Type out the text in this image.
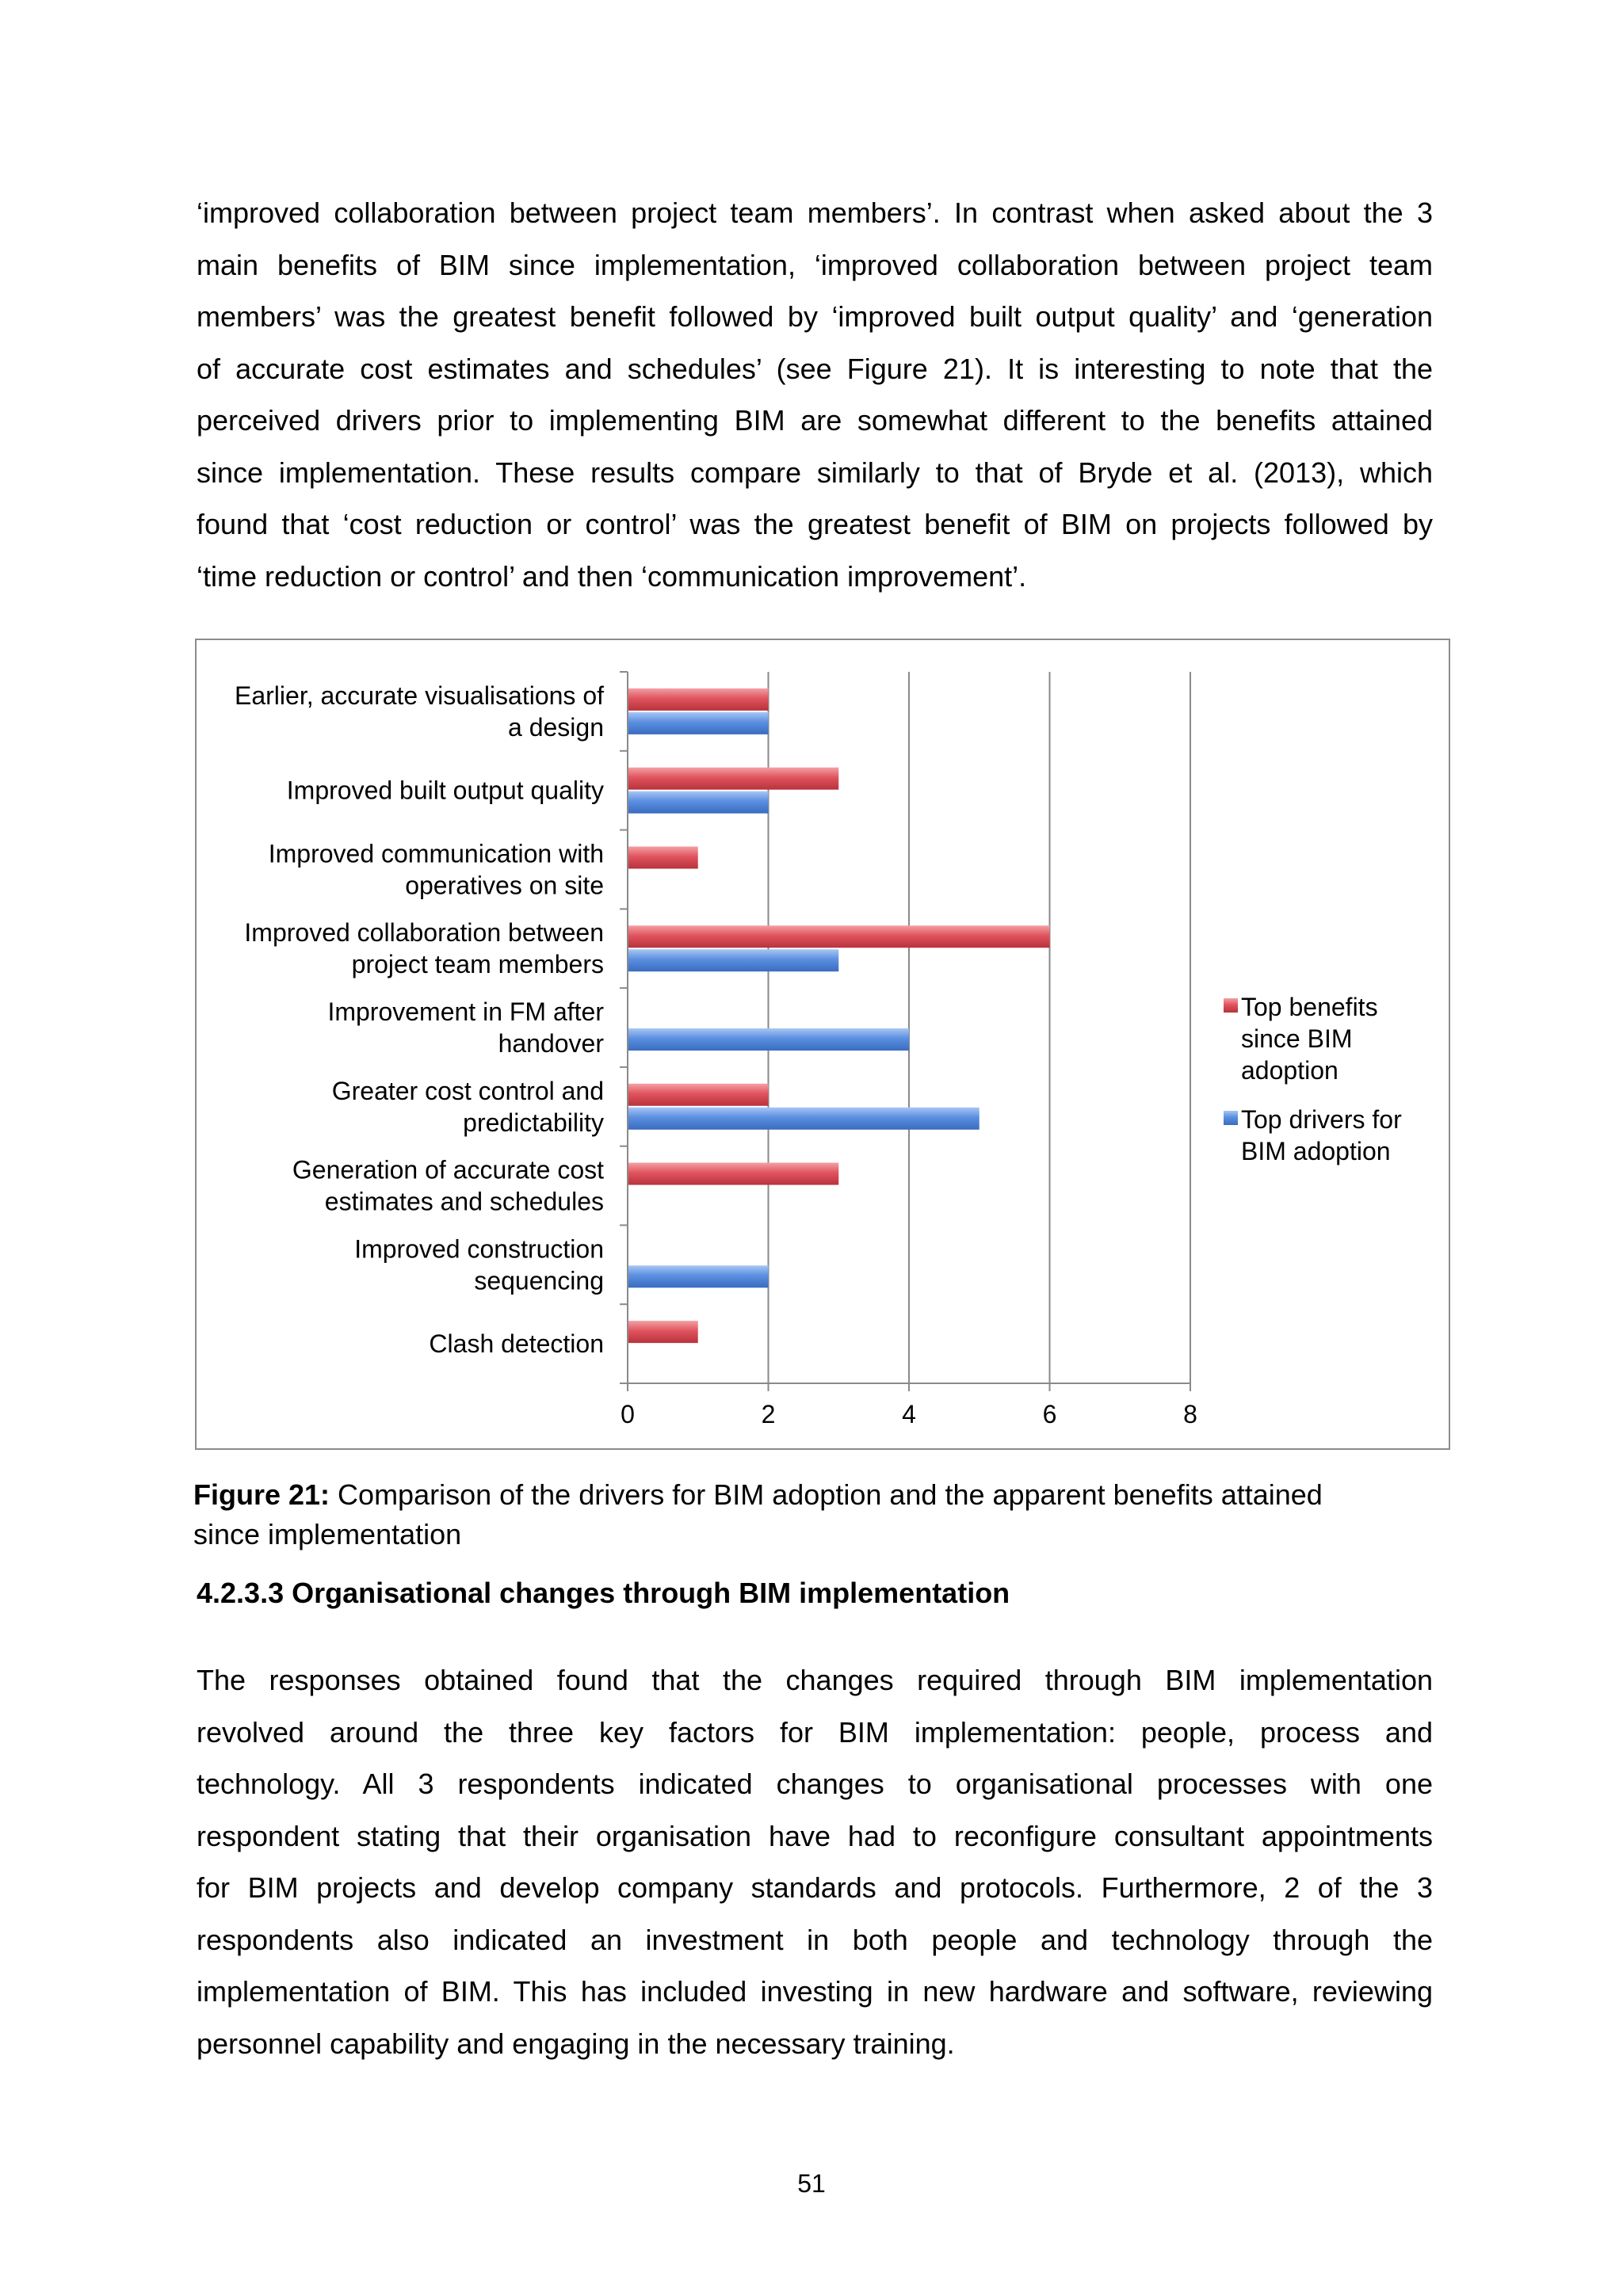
‘improved collaboration between project team members’. In contrast when asked about the 3
main benefits of BIM since implementation, ‘improved collaboration between project team
members’ was the greatest benefit followed by ‘improved built output quality’ and ‘generation
of accurate cost estimates and schedules’ (see Figure 21). It is interesting to note that the
perceived drivers prior to implementing BIM are somewhat different to the benefits attained
since implementation. These results compare similarly to that of Bryde et al. (2013), which
found that ‘cost reduction or control’ was the greatest benefit of BIM on projects followed by
‘time reduction or control’ and then ‘communication improvement’.
0	2	4	6	8
Earlier, accurate visualisations of
a design
Improved built output quality
Improved communication with
operatives on site
Improved collaboration between
project team members
Improvement in FM after
handover
Greater cost control and
predictability
Generation of accurate cost
estimates and schedules
Improved construction
sequencing
Clash detection
Top benefits
since BIM
adoption
Top drivers for
BIM adoption

Figure 21: Comparison of the drivers for BIM adoption and the apparent benefits attained
since implementation

4.2.3.3 Organisational changes through BIM implementation

The responses obtained found that the changes required through BIM implementation
revolved around the three key factors for BIM implementation: people, process and
technology. All 3 respondents indicated changes to organisational processes with one
respondent stating that their organisation have had to reconfigure consultant appointments
for BIM projects and develop company standards and protocols. Furthermore, 2 of the 3
respondents also indicated an investment in both people and technology through the
implementation of BIM. This has included investing in new hardware and software, reviewing
personnel capability and engaging in the necessary training.

51
